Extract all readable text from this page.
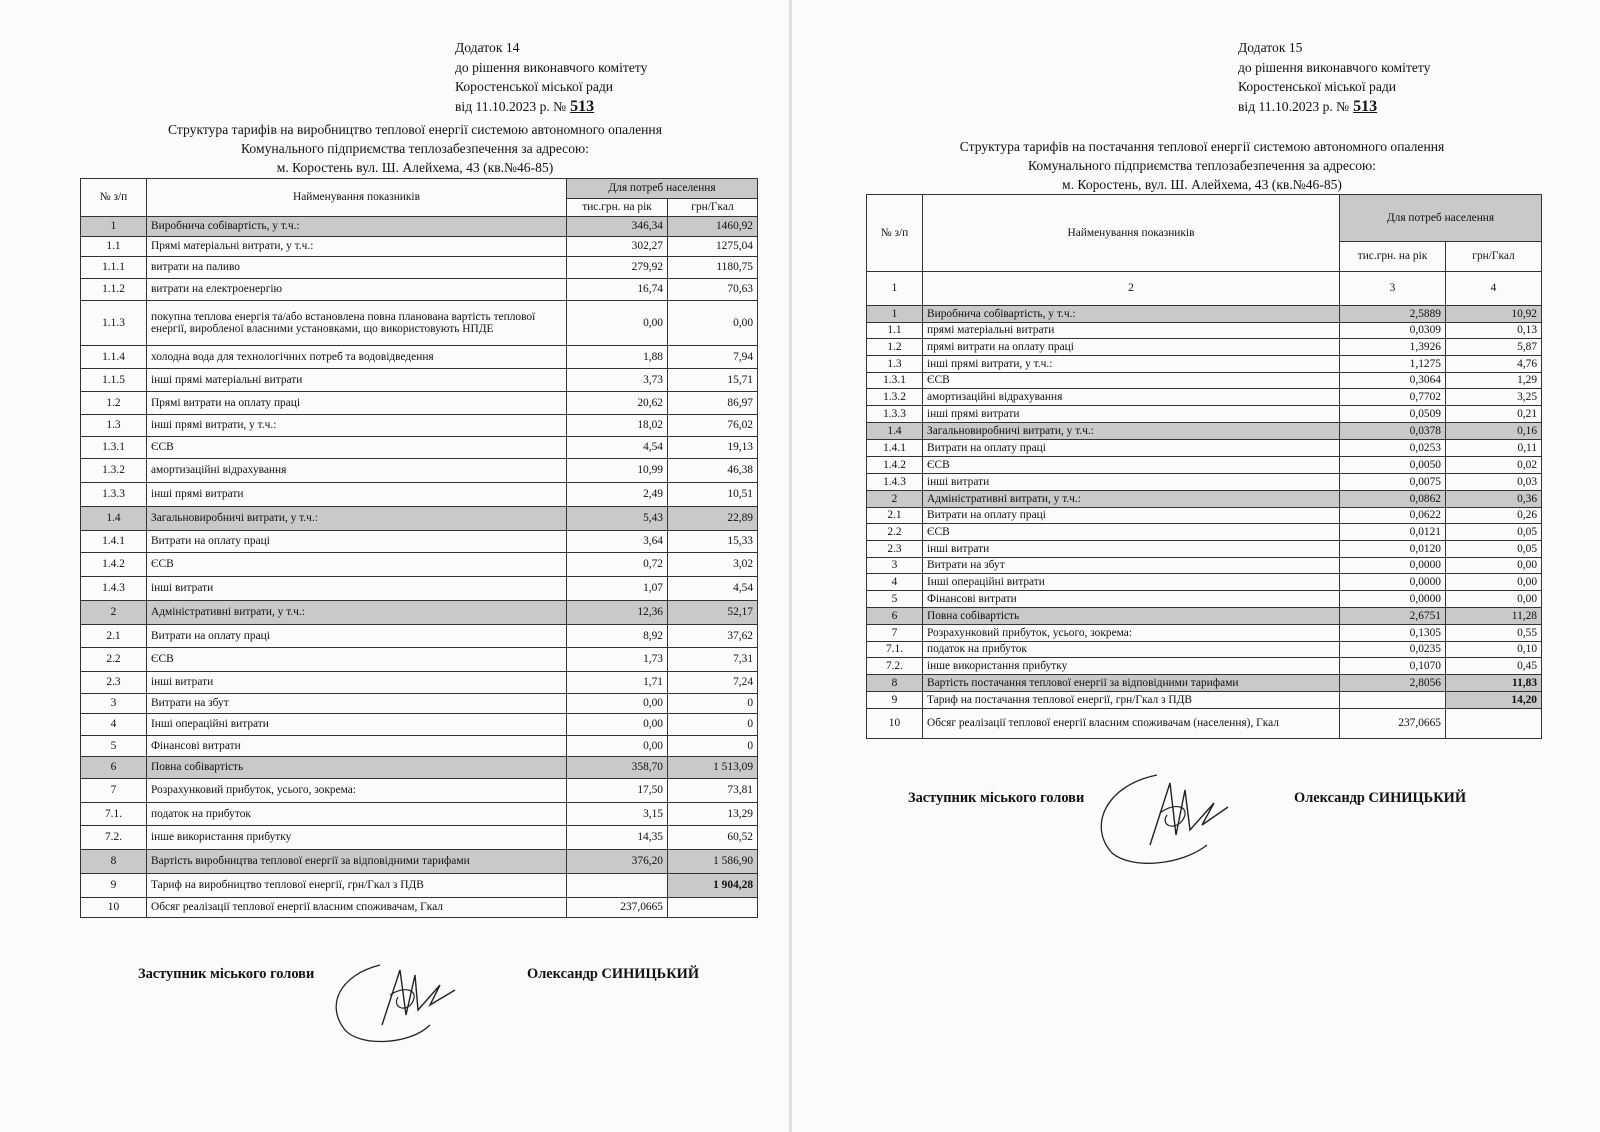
Додаток 14
до рішення виконавчого комітету
Коростенської міської ради
від 11.10.2023 р. № 513
Структура тарифів на виробництво теплової енергії системою автономного опалення
Комунального підприємства теплозабезпечення за адресою:
м. Коростень вул. Ш. Алейхема, 43 (кв.№46-85)
№ з/п	Найменування показників	Для потреб населення	
		тис.грн. на рік	грн/Гкал
1	Виробнича собівартість, у т.ч.:	346,34	1460,92
1.1	Прямі матеріальні витрати, у т.ч.:	302,27	1275,04
1.1.1	витрати на паливо	279,92	1180,75
1.1.2	витрати на електроенергію	16,74	70,63
1.1.3	покупна теплова енергія та/або встановлена повна планована вартість теплової енергії, виробленої власними установками, що використовують НПДЕ	0,00	0,00
1.1.4	холодна вода для технологічних потреб та водовідведення	1,88	7,94
1.1.5	інші прямі матеріальні витрати	3,73	15,71
1.2	Прямі витрати на оплату праці	20,62	86,97
1.3	інші прямі витрати, у т.ч.:	18,02	76,02
1.3.1	ЄСВ	4,54	19,13
1.3.2	амортизаційні відрахування	10,99	46,38
1.3.3	інші прямі витрати	2,49	10,51
1.4	Загальновиробничі витрати, у т.ч.:	5,43	22,89
1.4.1	Витрати на оплату праці	3,64	15,33
1.4.2	ЄСВ	0,72	3,02
1.4.3	інші витрати	1,07	4,54
2	Адміністративні витрати, у т.ч.:	12,36	52,17
2.1	Витрати на оплату праці	8,92	37,62
2.2	ЄСВ	1,73	7,31
2.3	інші витрати	1,71	7,24
3	Витрати на збут	0,00	0
4	Інші операційні витрати	0,00	0
5	Фінансові витрати	0,00	0
6	Повна собівартість	358,70	1 513,09
7	Розрахунковий прибуток, усього, зокрема:	17,50	73,81
7.1.	податок на прибуток	3,15	13,29
7.2.	інше використання прибутку	14,35	60,52
8	Вартість виробництва теплової енергії за відповідними тарифами	376,20	1 586,90
9	Тариф на виробництво теплової енергії, грн/Гкал з ПДВ		1 904,28
10	Обсяг реалізації теплової енергії власним споживачам, Гкал	237,0665	
Заступник міського голови	Олександр СИНИЦЬКИЙ
Додаток 15
до рішення виконавчого комітету
Коростенської міської ради
від 11.10.2023 р. № 513
Структура тарифів на постачання теплової енергії системою автономного опалення
Комунального підприємства теплозабезпечення за адресою:
м. Коростень, вул. Ш. Алейхема, 43 (кв.№46-85)
№ з/п	Найменування показників	Для потреб населення	
		тис.грн. на рік	грн/Гкал
1	2	3	4
1	Виробнича собівартість, у т.ч.:	2,5889	10,92
1.1	прямі матеріальні витрати	0,0309	0,13
1.2	прямі витрати на оплату праці	1,3926	5,87
1.3	інші прямі витрати, у т.ч.:	1,1275	4,76
1.3.1	ЄСВ	0,3064	1,29
1.3.2	амортизаційні відрахування	0,7702	3,25
1.3.3	інші прямі витрати	0,0509	0,21
1.4	Загальновиробничі витрати, у т.ч.:	0,0378	0,16
1.4.1	Витрати на оплату праці	0,0253	0,11
1.4.2	ЄСВ	0,0050	0,02
1.4.3	інші витрати	0,0075	0,03
2	Адміністративні витрати, у т.ч.:	0,0862	0,36
2.1	Витрати на оплату праці	0,0622	0,26
2.2	ЄСВ	0,0121	0,05
2.3	інші витрати	0,0120	0,05
3	Витрати на збут	0,0000	0,00
4	Інші операційні витрати	0,0000	0,00
5	Фінансові витрати	0,0000	0,00
6	Повна собівартість	2,6751	11,28
7	Розрахунковий прибуток, усього, зокрема:	0,1305	0,55
7.1.	податок на прибуток	0,0235	0,10
7.2.	інше використання прибутку	0,1070	0,45
8	Вартість постачання теплової енергії за відповідними тарифами	2,8056	11,83
9	Тариф на постачання теплової енергії, грн/Гкал з ПДВ		14,20
10	Обсяг реалізації теплової енергії власним споживачам (населення), Гкал	237,0665	
Заступник міського голови	Олександр СИНИЦЬКИЙ
